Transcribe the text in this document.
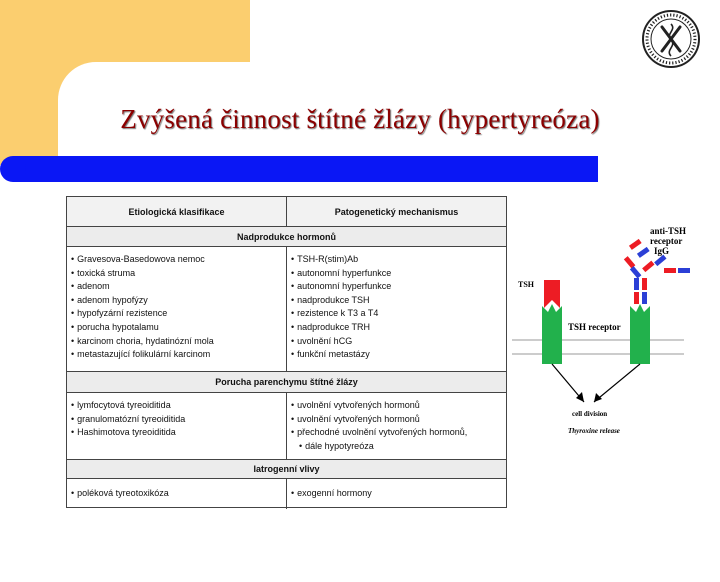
Zvýšená činnost štítné žlázy (hypertyreóza)
Etiologická klasifikace	Patogenetický mechanismus
Nadprodukce hormonů
• Gravesova-Basedowova nemoc
• toxická struma
• adenom
• adenom hypofýzy
• hypofyzární rezistence
• porucha hypotalamu
• karcinom choria, hydatinózní mola
• metastazující folikulární karcinom
• TSH-R(stim)Ab
• autonomní hyperfunkce
• autonomní hyperfunkce
• nadprodukce TSH
• rezistence k T3 a T4
• nadprodukce TRH
• uvolnění hCG
• funkční metastázy
Porucha parenchymu štítné žlázy
• lymfocytová tyreoiditida
• granulomatózní tyreoiditida
• Hashimotova tyreoiditida
• uvolnění vytvořených hormonů
• uvolnění vytvořených hormonů
• přechodné uvolnění vytvořených hormonů,
• dále hypotyreóza
Iatrogenní vlivy
• poléková tyreotoxikóza
•	exogenní hormony
anti-TSH
receptor
IgG
TSH
TSH receptor
cell division
Thyroxine release
